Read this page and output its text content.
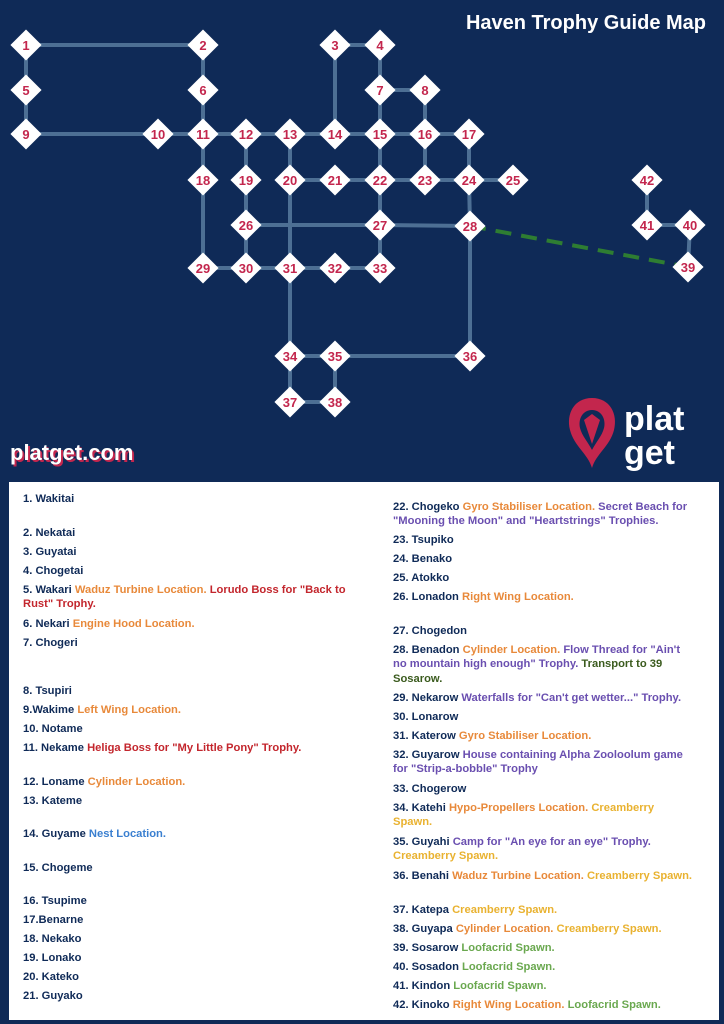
1	2	3	4
5	6	7	8
9	10 11 12 13 14 15 16 17
18 19 20 21 22 23 24 25
26	27	28
29 30 31 32 33
34 35	36
37 38
39
40
41
42
Haven Trophy Guide Map
platget.com
plat
get
1. Wakitai
2. Nekatai
3. Guyatai
4. Chogetai
5. Wakari Waduz Turbine Location. Lorudo Boss for "Back to Rust" Trophy.
6. Nekari Engine Hood Location.
7. Chogeri
8. Tsupiri
9.Wakime Left Wing Location.
10. Notame
11. Nekame Heliga Boss for "My Little Pony" Trophy.
12. Loname Cylinder Location.
13. Kateme
14. Guyame Nest Location.
15. Chogeme
16. Tsupime
17.Benarne
18. Nekako
19. Lonako
20. Kateko
21. Guyako
22. Chogeko Gyro Stabiliser Location. Secret Beach for "Mooning the Moon" and "Heartstrings" Trophies.
23. Tsupiko
24. Benako
25. Atokko
26. Lonadon Right Wing Location.
27. Chogedon
28. Benadon Cylinder Location. Flow Thread for "Ain't no mountain high enough" Trophy. Transport to 39 Sosarow.
29. Nekarow Waterfalls for "Can't get wetter..." Trophy.
30. Lonarow
31. Katerow Gyro Stabiliser Location.
32. Guyarow House containing Alpha Zooloolum game for "Strip-a-bobble" Trophy
33. Chogerow
34. Katehi Hypo-Propellers Location. Creamberry Spawn.
35. Guyahi Camp for "An eye for an eye" Trophy. Creamberry Spawn.
36. Benahi Waduz Turbine Location. Creamberry Spawn.
37. Katepa Creamberry Spawn.
38. Guyapa Cylinder Location. Creamberry Spawn.
39. Sosarow Loofacrid Spawn.
40. Sosadon Loofacrid Spawn.
41. Kindon Loofacrid Spawn.
42. Kinoko Right Wing Location. Loofacrid Spawn.
